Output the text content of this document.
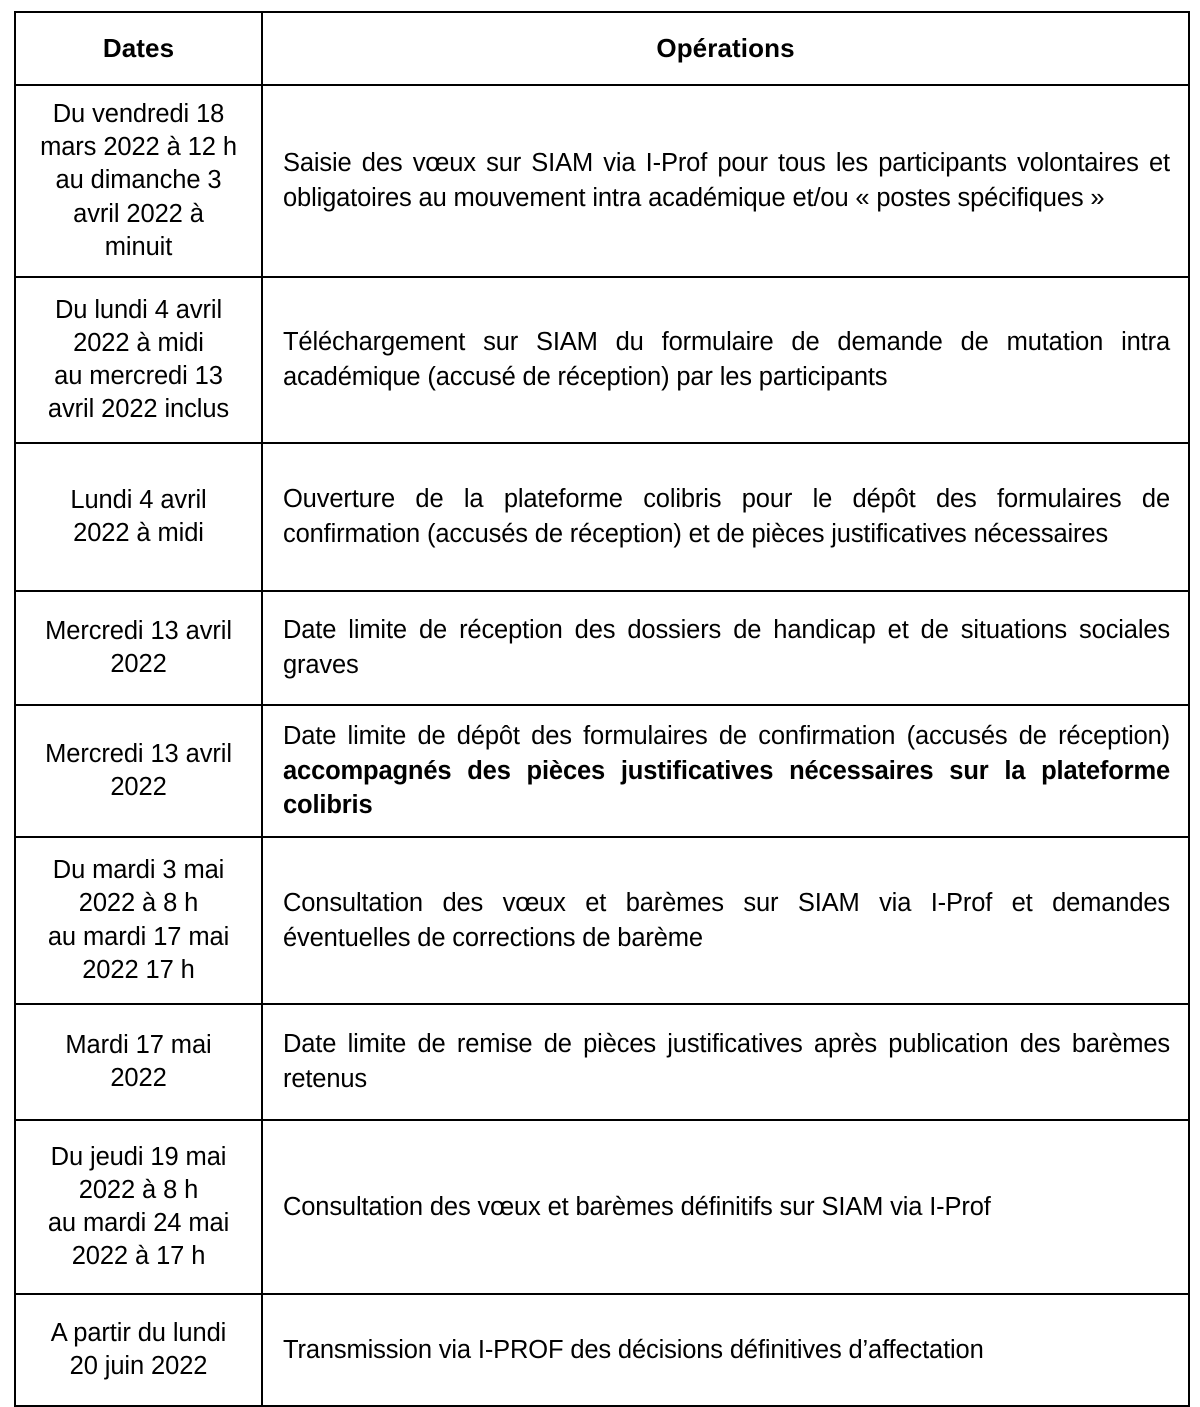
Dates	Opérations

Du vendredi 18
mars 2022 à 12 h
au dimanche 3
avril 2022 à
minuit	Saisie des vœux sur SIAM via I-Prof pour tous les participants volontaires et obligatoires au mouvement intra académique et/ou « postes spécifiques »

Du lundi 4 avril
2022 à midi
au mercredi 13
avril 2022 inclus	Téléchargement sur SIAM du formulaire de demande de mutation intra académique (accusé de réception) par les participants

Lundi 4 avril
2022 à midi	Ouverture de la plateforme colibris pour le dépôt des formulaires de confirmation (accusés de réception) et de pièces justificatives nécessaires

Mercredi 13 avril
2022	Date limite de réception des dossiers de handicap et de situations sociales graves

Mercredi 13 avril
2022	Date limite de dépôt des formulaires de confirmation (accusés de réception) accompagnés des pièces justificatives nécessaires sur la plateforme colibris

Du mardi 3 mai
2022 à 8 h
au mardi 17 mai
2022 17 h	Consultation des vœux et barèmes sur SIAM via I-Prof et demandes éventuelles de corrections de barème

Mardi 17 mai
2022	Date limite de remise de pièces justificatives après publication des barèmes retenus

Du jeudi 19 mai
2022 à 8 h
au mardi 24 mai
2022 à 17 h	Consultation des vœux et barèmes définitifs sur SIAM via I-Prof

A partir du lundi
20 juin 2022	Transmission via I-PROF des décisions définitives d’affectation
